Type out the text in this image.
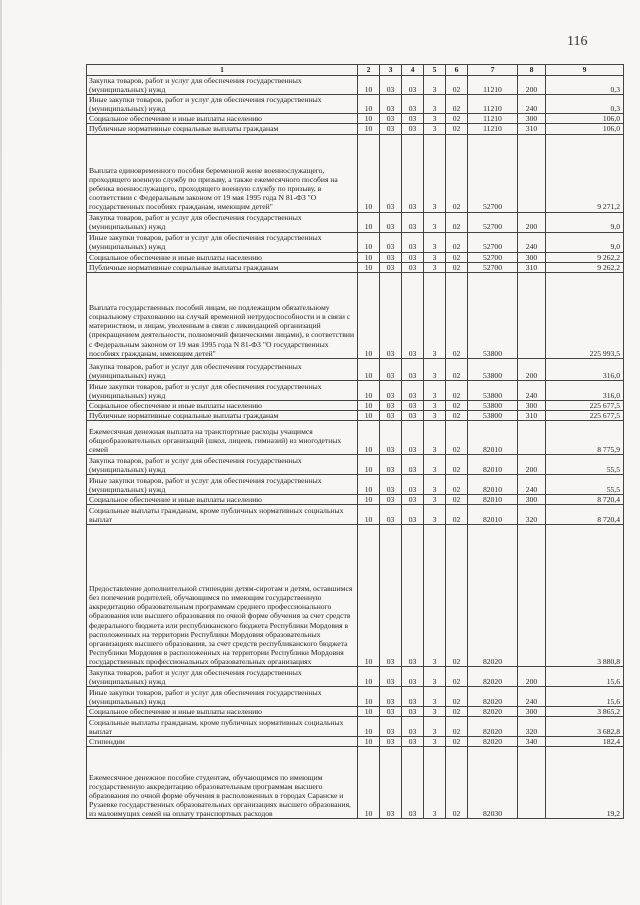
116
1	2	3	4	5	6	7	8	9
Закупка товаров, работ и услуг для обеспечения государственных (муниципальных) нужд	10	03	03	3	02	11210	200	0,3
Иные закупки товаров, работ и услуг для обеспечения государственных (муниципальных) нужд	10	03	03	3	02	11210	240	0,3
Социальное обеспечение и иные выплаты населению	10	03	03	3	02	11210	300	106,0
Публичные нормативные социальные выплаты гражданам	10	03	03	3	02	11210	310	106,0
Выплата единовременного пособия беременной жене военнослужащего, проходящего военную службу по призыву, а также ежемесячного пособия на ребенка военнослужащего, проходящего военную службу по призыву, в соответствии с Федеральным законом от 19 мая 1995 года N 81-ФЗ "О государственных пособиях гражданам, имеющим детей"	10	03	03	3	02	52700		9 271,2
Закупка товаров, работ и услуг для обеспечения государственных (муниципальных) нужд	10	03	03	3	02	52700	200	9,0
Иные закупки товаров, работ и услуг для обеспечения государственных (муниципальных) нужд	10	03	03	3	02	52700	240	9,0
Социальное обеспечение и иные выплаты населению	10	03	03	3	02	52700	300	9 262,2
Публичные нормативные социальные выплаты гражданам	10	03	03	3	02	52700	310	9 262,2
Выплата государственных пособий лицам, не подлежащим обязательному социальному страхованию на случай временной нетрудоспособности и в связи с материнством, и лицам, уволенным в связи с ликвидацией организаций (прекращением деятельности, полномочий физическими лицами), в соответствии с Федеральным законом от 19 мая 1995 года N 81-ФЗ "О государственных пособиях гражданам, имеющим детей"	10	03	03	3	02	53800		225 993,5
Закупка товаров, работ и услуг для обеспечения государственных (муниципальных) нужд	10	03	03	3	02	53800	200	316,0
Иные закупки товаров, работ и услуг для обеспечения государственных (муниципальных) нужд	10	03	03	3	02	53800	240	316,0
Социальное обеспечение и иные выплаты населению	10	03	03	3	02	53800	300	225 677,5
Публичные нормативные социальные выплаты гражданам	10	03	03	3	02	53800	310	225 677,5
Ежемесячная денежная выплата на транспортные расходы учащимся общеобразовательных организаций (школ, лицеев, гимназий) из многодетных семей	10	03	03	3	02	82010		8 775,9
Закупка товаров, работ и услуг для обеспечения государственных (муниципальных) нужд	10	03	03	3	02	82010	200	55,5
Иные закупки товаров, работ и услуг для обеспечения государственных (муниципальных) нужд	10	03	03	3	02	82010	240	55,5
Социальное обеспечение и иные выплаты населению	10	03	03	3	02	82010	300	8 720,4
Социальные выплаты гражданам, кроме публичных нормативных социальных выплат	10	03	03	3	02	82010	320	8 720,4
Предоставление дополнительной стипендии детям-сиротам и детям, оставшимся без попечения родителей, обучающимся по имеющим государственную аккредитацию образовательным программам среднего профессионального образования или высшего образования по очной форме обучения за счет средств федерального бюджета или республиканского бюджета Республики Мордовия в расположенных на территории Республики Мордовия образовательных организациях высшего образования, за счет средств республиканского бюджета Республики Мордовия в расположенных на территории Республики Мордовия государственных профессиональных образовательных организациях	10	03	03	3	02	82020		3 880,8
Закупка товаров, работ и услуг для обеспечения государственных (муниципальных) нужд	10	03	03	3	02	82020	200	15,6
Иные закупки товаров, работ и услуг для обеспечения государственных (муниципальных) нужд	10	03	03	3	02	82020	240	15,6
Социальное обеспечение и иные выплаты населению	10	03	03	3	02	82020	300	3 865,2
Социальные выплаты гражданам, кроме публичных нормативных социальных выплат	10	03	03	3	02	82020	320	3 682,8
Стипендии	10	03	03	3	02	82020	340	182,4
Ежемесячное денежное пособие студентам, обучающимся по имеющим государственную аккредитацию образовательным программам высшего образования по очной форме обучения в расположенных в городах Саранске и Рузаевке государственных образовательных организациях высшего образования, из малоимущих семей на оплату транспортных расходов	10	03	03	3	02	82030		19,2
